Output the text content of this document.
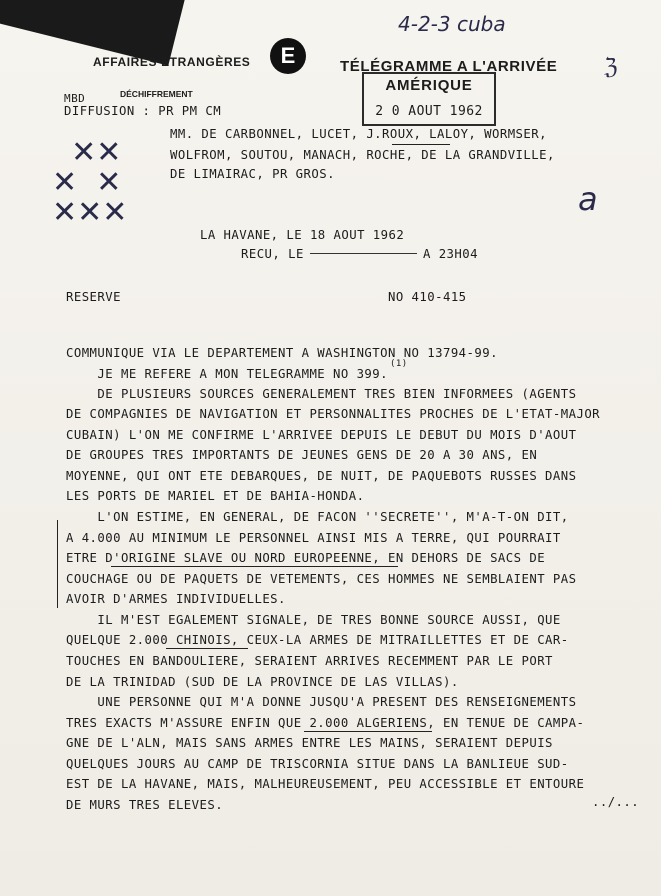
4-2-3 cuba
ℨ
AFFAIRES ÉTRANGÈRES	E	TÉLÉGRAMME A L'ARRIVÉE
AMÉRIQUE
2 0 AOUT 1962
MBD	DÉCHIFFREMENT
DIFFUSION : PR PM CM
MM. DE CARBONNEL, LUCET, J.ROUX, LALOY, WORMSER,
WOLFROM, SOUTOU, MANACH, ROCHE, DE LA GRANDVILLE,
DE LIMAIRAC, PR GROS.
✕✕
✕  ✕
✕✕✕	a
LA HAVANE, LE 18 AOUT 1962
RECU, LE	A 23H04
RESERVE	NO 410-415
COMMUNIQUE VIA LE DEPARTEMENT A WASHINGTON NO 13794-99.
JE ME REFERE A MON TELEGRAMME NO 399.
(1)
DE PLUSIEURS SOURCES GENERALEMENT TRES BIEN INFORMEES (AGENTS
DE COMPAGNIES DE NAVIGATION ET PERSONNALITES PROCHES DE L'ETAT-MAJOR
CUBAIN) L'ON ME CONFIRME L'ARRIVEE DEPUIS LE DEBUT DU MOIS D'AOUT
DE GROUPES TRES IMPORTANTS DE JEUNES GENS DE 20 A 30 ANS, EN
MOYENNE, QUI ONT ETE DEBARQUES, DE NUIT, DE PAQUEBOTS RUSSES DANS
LES PORTS DE MARIEL ET DE BAHIA-HONDA.
L'ON ESTIME, EN GENERAL, DE FACON ''SECRETE'', M'A-T-ON DIT,
A 4.000 AU MINIMUM LE PERSONNEL AINSI MIS A TERRE, QUI POURRAIT
ETRE D'ORIGINE SLAVE OU NORD EUROPEENNE, EN DEHORS DE SACS DE
COUCHAGE OU DE PAQUETS DE VETEMENTS, CES HOMMES NE SEMBLAIENT PAS
AVOIR D'ARMES INDIVIDUELLES.
IL M'EST EGALEMENT SIGNALE, DE TRES BONNE SOURCE AUSSI, QUE
QUELQUE 2.000 CHINOIS, CEUX-LA ARMES DE MITRAILLETTES ET DE CAR-
TOUCHES EN BANDOULIERE, SERAIENT ARRIVES RECEMMENT PAR LE PORT
DE LA TRINIDAD (SUD DE LA PROVINCE DE LAS VILLAS).
UNE PERSONNE QUI M'A DONNE JUSQU'A PRESENT DES RENSEIGNEMENTS
TRES EXACTS M'ASSURE ENFIN QUE 2.000 ALGERIENS, EN TENUE DE CAMPA-
GNE DE L'ALN, MAIS SANS ARMES ENTRE LES MAINS, SERAIENT DEPUIS
QUELQUES JOURS AU CAMP DE TRISCORNIA SITUE DANS LA BANLIEUE SUD-
EST DE LA HAVANE, MAIS, MALHEUREUSEMENT, PEU ACCESSIBLE ET ENTOURE
DE MURS TRES ELEVES.	../...
